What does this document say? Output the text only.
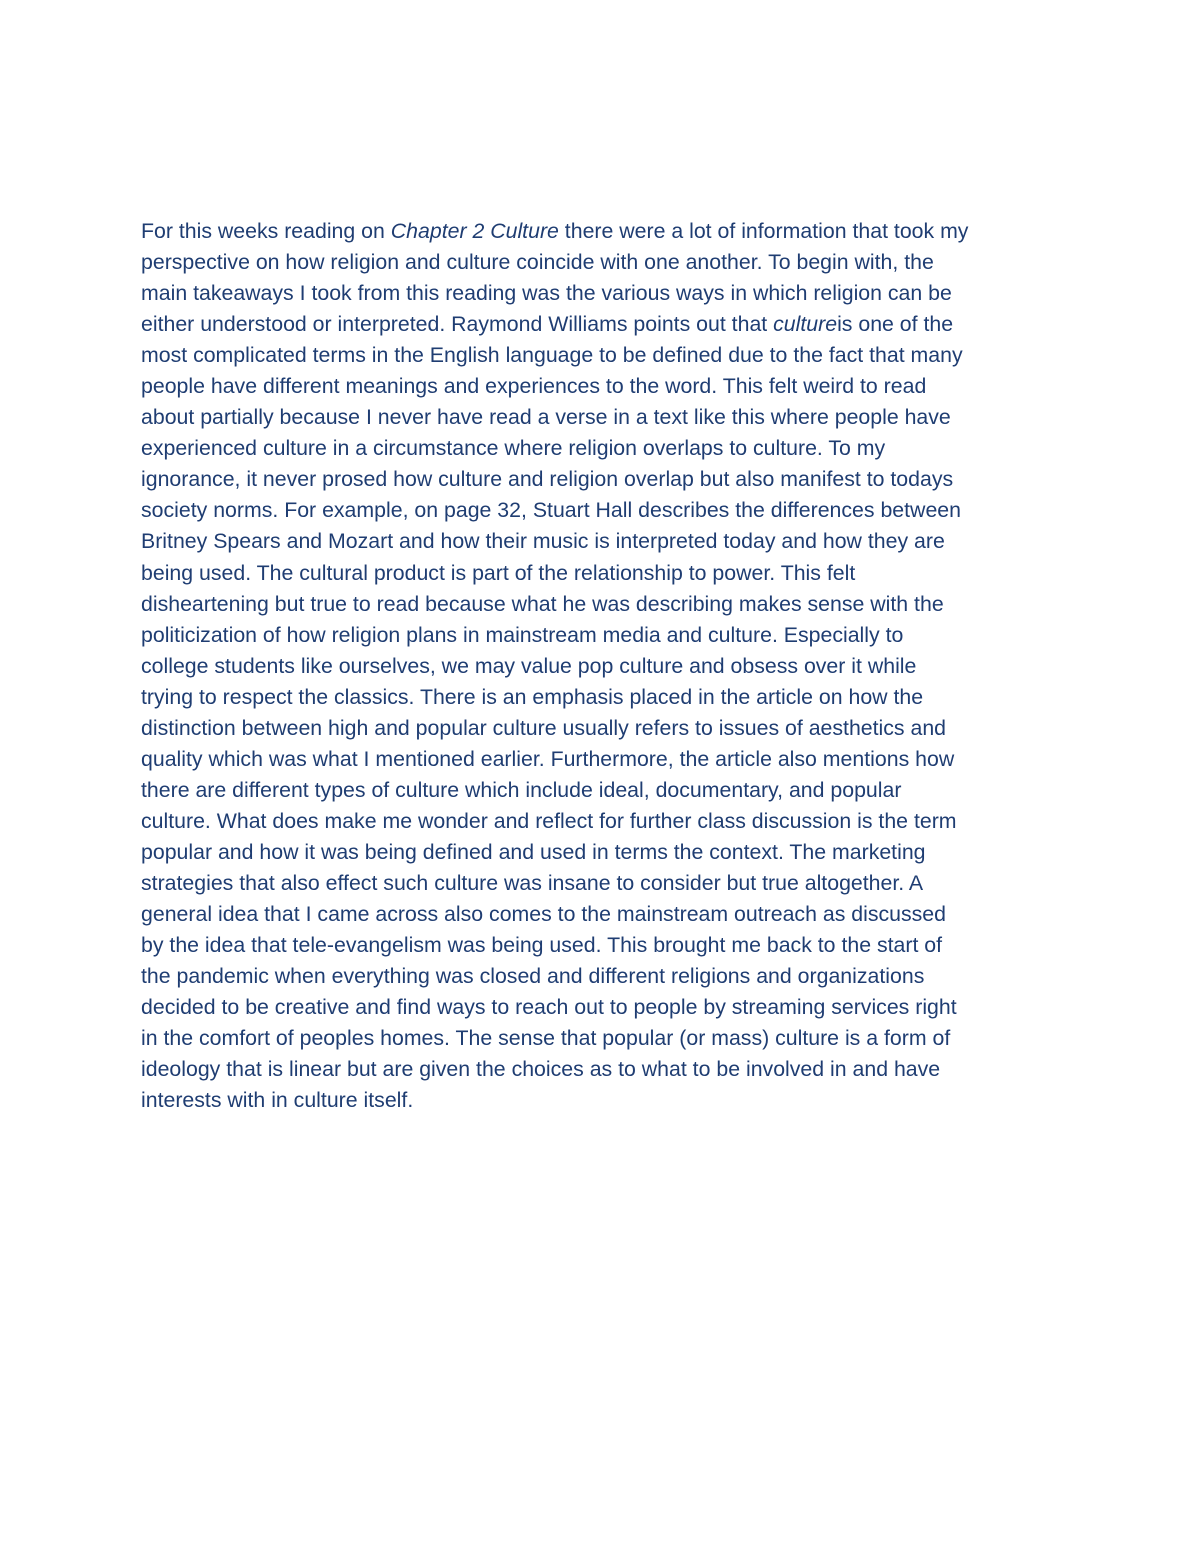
For this weeks reading on Chapter 2 Culture there were a lot of information that took my
perspective on how religion and culture coincide with one another. To begin with, the
main takeaways I took from this reading was the various ways in which religion can be
either understood or interpreted. Raymond Williams points out that cultureis one of the
most complicated terms in the English language to be defined due to the fact that many
people have different meanings and experiences to the word. This felt weird to read
about partially because I never have read a verse in a text like this where people have
experienced culture in a circumstance where religion overlaps to culture. To my
ignorance, it never prosed how culture and religion overlap but also manifest to todays
society norms. For example, on page 32, Stuart Hall describes the differences between
Britney Spears and Mozart and how their music is interpreted today and how they are
being used. The cultural product is part of the relationship to power. This felt
disheartening but true to read because what he was describing makes sense with the
politicization of how religion plans in mainstream media and culture. Especially to
college students like ourselves, we may value pop culture and obsess over it while
trying to respect the classics. There is an emphasis placed in the article on how the
distinction between high and popular culture usually refers to issues of aesthetics and
quality which was what I mentioned earlier. Furthermore, the article also mentions how
there are different types of culture which include ideal, documentary, and popular
culture. What does make me wonder and reflect for further class discussion is the term
popular and how it was being defined and used in terms the context. The marketing
strategies that also effect such culture was insane to consider but true altogether. A
general idea that I came across also comes to the mainstream outreach as discussed
by the idea that tele-evangelism was being used. This brought me back to the start of
the pandemic when everything was closed and different religions and organizations
decided to be creative and find ways to reach out to people by streaming services right
in the comfort of peoples homes. The sense that popular (or mass) culture is a form of
ideology that is linear but are given the choices as to what to be involved in and have
interests with in culture itself.
